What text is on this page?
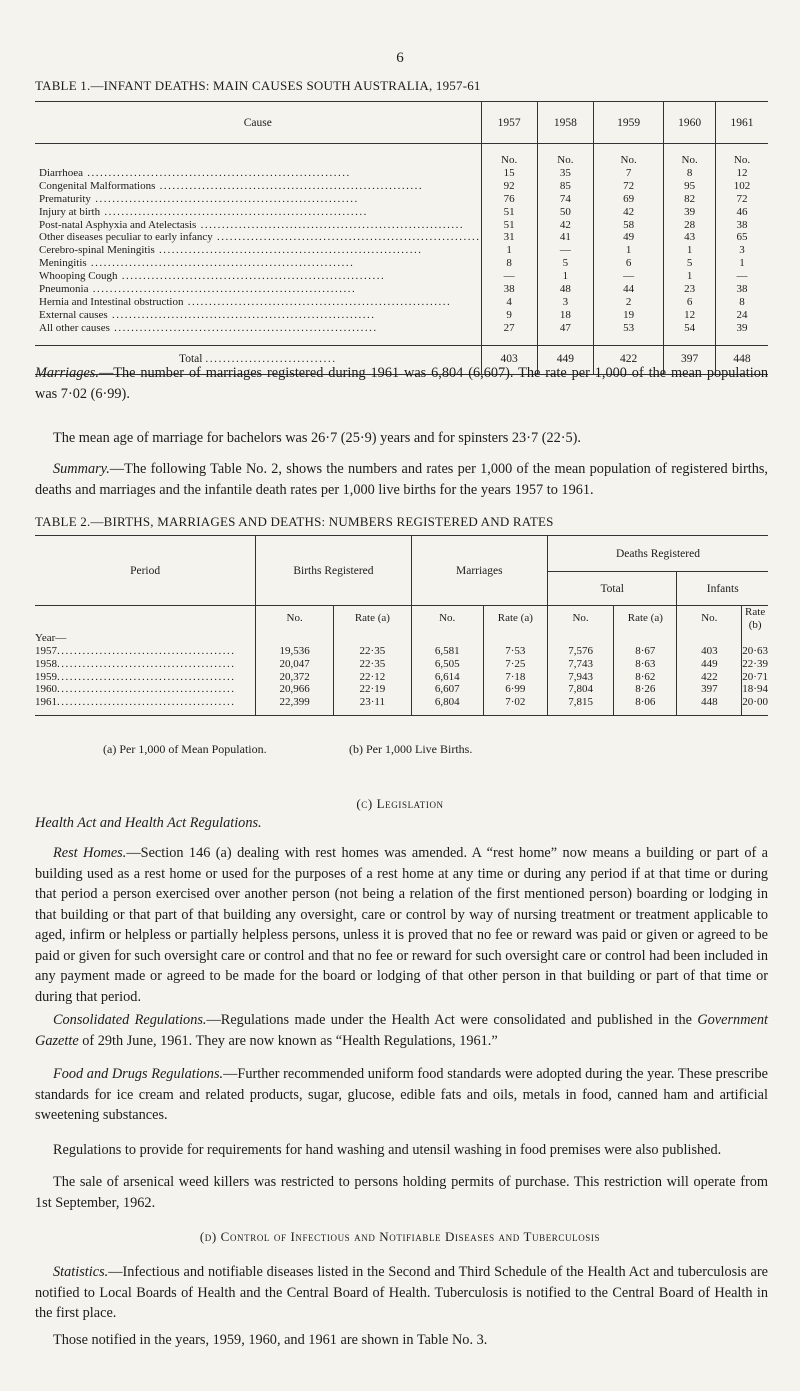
6
TABLE 1.—INFANT DEATHS: MAIN CAUSES SOUTH AUSTRALIA, 1957-61
Cause	1957	1958	1959	1960	1961

	No.	No.	No.	No.	No.
Diarrhoea ..............................................................	15	35	7	8	12
Congenital Malformations ..............................................................	92	85	72	95	102
Prematurity ..............................................................	76	74	69	82	72
Injury at birth ..............................................................	51	50	42	39	46
Post-natal Asphyxia and Atelectasis ..............................................................	51	42	58	28	38
Other diseases peculiar to early infancy ..............................................................	31	41	49	43	65
Cerebro-spinal Meningitis ..............................................................	1	—	1	1	3
Meningitis ..............................................................	8	5	6	5	1
Whooping Cough ..............................................................	—	1	—	1	—
Pneumonia ..............................................................	38	48	44	23	38
Hernia and Intestinal obstruction ..............................................................	4	3	2	6	8
External causes ..............................................................	9	18	19	12	24
All other causes ..............................................................	27	47	53	54	39

Total ..............................	403	449	422	397	448
Marriages.—The number of marriages registered during 1961 was 6,804 (6,607). The rate per 1,000 of the mean population was 7·02 (6·99).
The mean age of marriage for bachelors was 26·7 (25·9) years and for spinsters 23·7 (22·5).
Summary.—The following Table No. 2, shows the numbers and rates per 1,000 of the mean population of registered births, deaths and marriages and the infantile death rates per 1,000 live births for the years 1957 to 1961.
TABLE 2.—BIRTHS, MARRIAGES AND DEATHS: NUMBERS REGISTERED AND RATES
Period	Births Registered		Marriages		Deaths Registered			
					Total		Infants	
	No.	Rate (a)	No.	Rate (a)	No.	Rate (a)	No.	Rate (b)
Year—								
1957..........................................	19,536	22·35	6,581	7·53	7,576	8·67	403	20·63
1958..........................................	20,047	22·35	6,505	7·25	7,743	8·63	449	22·39
1959..........................................	20,372	22·12	6,614	7·18	7,943	8·62	422	20·71
1960..........................................	20,966	22·19	6,607	6·99	7,804	8·26	397	18·94
1961..........................................	22,399	23·11	6,804	7·02	7,815	8·06	448	20·00
(a) Per 1,000 of Mean Population.	(b) Per 1,000 Live Births.
(c) Legislation
Health Act and Health Act Regulations.
Rest Homes.—Section 146 (a) dealing with rest homes was amended. A “rest home” now means a building or part of a building used as a rest home or used for the purposes of a rest home at any time or during any period if at that time or during that period a person exercised over another person (not being a relation of the first mentioned person) boarding or lodging in that building or that part of that building any oversight, care or control by way of nursing treatment or treatment applicable to aged, infirm or helpless or partially helpless persons, unless it is proved that no fee or reward was paid or given or agreed to be paid or given for such oversight care or control and that no fee or reward for such oversight care or control had been included in any payment made or agreed to be made for the board or lodging of that other person in that building or part of that time or during that period.
Consolidated Regulations.—Regulations made under the Health Act were consolidated and published in the Government Gazette of 29th June, 1961. They are now known as “Health Regulations, 1961.”
Food and Drugs Regulations.—Further recommended uniform food standards were adopted during the year. These prescribe standards for ice cream and related products, sugar, glucose, edible fats and oils, metals in food, canned ham and artificial sweetening substances.
Regulations to provide for requirements for hand washing and utensil washing in food premises were also published.
The sale of arsenical weed killers was restricted to persons holding permits of purchase. This restriction will operate from 1st September, 1962.
(d) Control of Infectious and Notifiable Diseases and Tuberculosis
Statistics.—Infectious and notifiable diseases listed in the Second and Third Schedule of the Health Act and tuberculosis are notified to Local Boards of Health and the Central Board of Health. Tuberculosis is notified to the Central Board of Health in the first place.
Those notified in the years, 1959, 1960, and 1961 are shown in Table No. 3.
